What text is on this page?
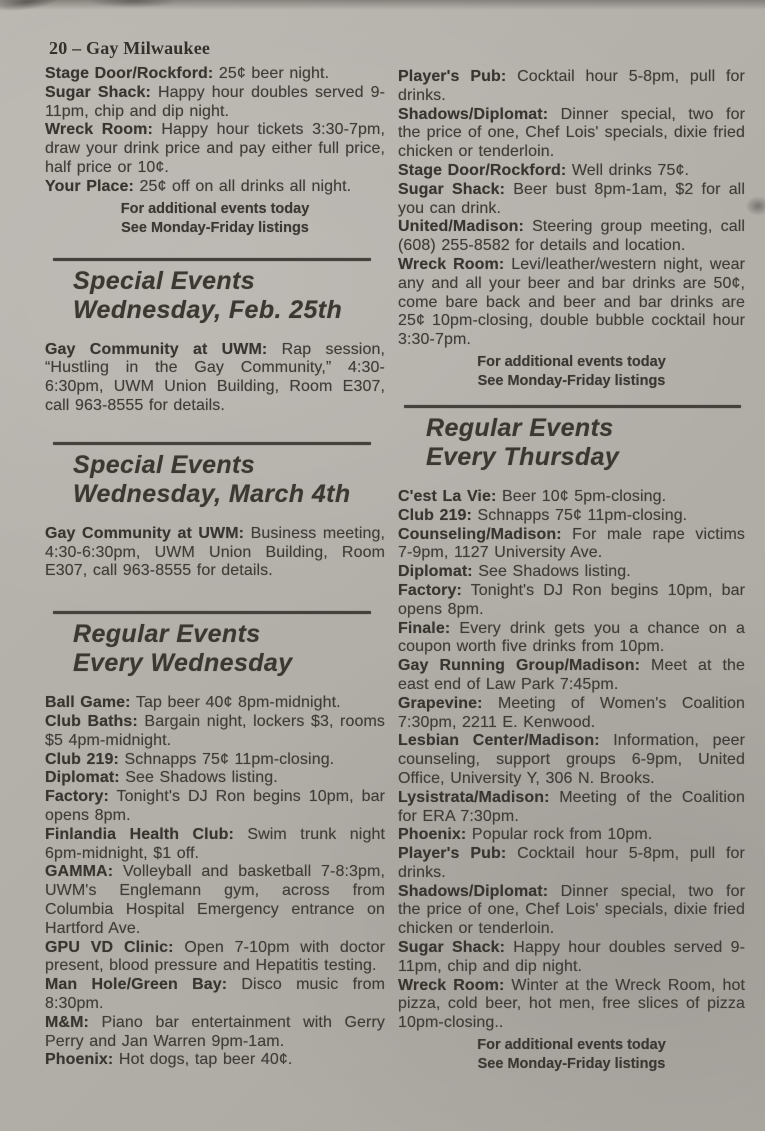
20 – Gay Milwaukee

Stage Door/Rockford: 25¢ beer night.

Sugar Shack: Happy hour doubles served 9-11pm, chip and dip night.

Wreck Room: Happy hour tickets 3:30-7pm, draw your drink price and pay either full price, half price or 10¢.

Your Place: 25¢ off on all drinks all night.

For additional events today
See Monday-Friday listings
Special Events
Wednesday, Feb. 25th

Gay Community at UWM: Rap session, “Hustling in the Gay Community,” 4:30-6:30pm, UWM Union Building, Room E307, call 963-8555 for details.

Special Events
Wednesday, March 4th

Gay Community at UWM: Business meeting, 4:30-6:30pm, UWM Union Building, Room E307, call 963-8555 for details.

Regular Events
Every Wednesday

Ball Game: Tap beer 40¢ 8pm-midnight.

Club Baths: Bargain night, lockers $3, rooms $5 4pm-midnight.

Club 219: Schnapps 75¢ 11pm-closing.

Diplomat: See Shadows listing.

Factory: Tonight's DJ Ron begins 10pm, bar opens 8pm.

Finlandia Health Club: Swim trunk night 6pm-midnight, $1 off.

GAMMA: Volleyball and basketball 7-8:3pm, UWM's Englemann gym, across from Columbia Hospital Emergency entrance on Hartford Ave.

GPU VD Clinic: Open 7-10pm with doctor present, blood pressure and Hepatitis testing.

Man Hole/Green Bay: Disco music from 8:30pm.

M&M: Piano bar entertainment with Gerry Perry and Jan Warren 9pm-1am.

Phoenix: Hot dogs, tap beer 40¢.

Player's Pub: Cocktail hour 5-8pm, pull for drinks.

Shadows/Diplomat: Dinner special, two for the price of one, Chef Lois' specials, dixie fried chicken or tenderloin.

Stage Door/Rockford: Well drinks 75¢.

Sugar Shack: Beer bust 8pm-1am, $2 for all you can drink.

United/Madison: Steering group meeting, call (608) 255-8582 for details and location.

Wreck Room: Levi/leather/western night, wear any and all your beer and bar drinks are 50¢, come bare back and beer and bar drinks are 25¢ 10pm-closing, double bubble cocktail hour 3:30-7pm.

For additional events today
See Monday-Friday listings
Regular Events
Every Thursday

C'est La Vie: Beer 10¢ 5pm-closing.

Club 219: Schnapps 75¢ 11pm-closing.

Counseling/Madison: For male rape victims 7-9pm, 1127 University Ave.

Diplomat: See Shadows listing.

Factory: Tonight's DJ Ron begins 10pm, bar opens 8pm.

Finale: Every drink gets you a chance on a coupon worth five drinks from 10pm.

Gay Running Group/Madison: Meet at the east end of Law Park 7:45pm.

Grapevine: Meeting of Women's Coalition 7:30pm, 2211 E. Kenwood.

Lesbian Center/Madison: Information, peer counseling, support groups 6-9pm, United Office, University Y, 306 N. Brooks.

Lysistrata/Madison: Meeting of the Coalition for ERA 7:30pm.

Phoenix: Popular rock from 10pm.

Player's Pub: Cocktail hour 5-8pm, pull for drinks.

Shadows/Diplomat: Dinner special, two for the price of one, Chef Lois' specials, dixie fried chicken or tenderloin.

Sugar Shack: Happy hour doubles served 9-11pm, chip and dip night.

Wreck Room: Winter at the Wreck Room, hot pizza, cold beer, hot men, free slices of pizza 10pm-closing..

For additional events today
See Monday-Friday listings
